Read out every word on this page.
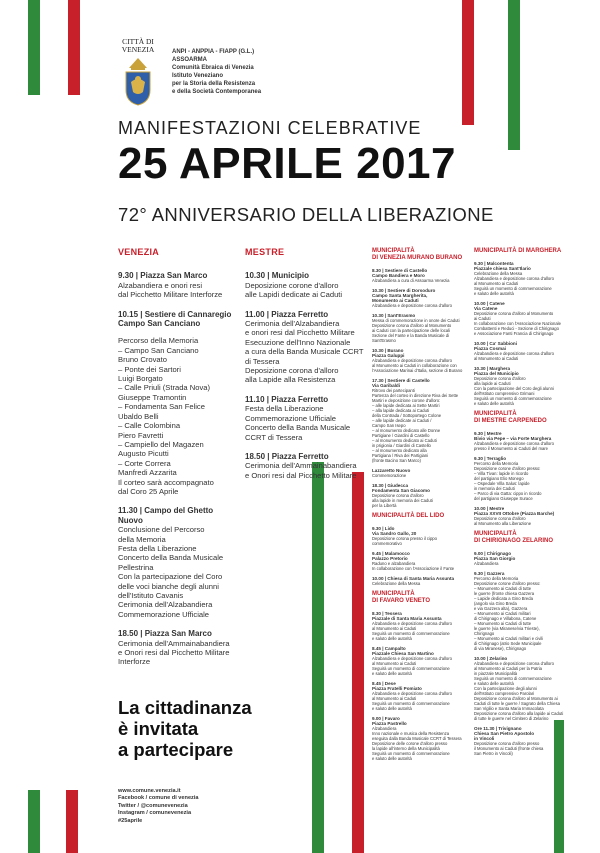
CITTÀ DI
VENEZIA	ANPI - ANPPIA - FIAPP (G.L.)
ASSOARMA
Comunità Ebraica di Venezia
Istituto Veneziano
per la Storia della Resistenza
e della Società Contemporanea
MANIFESTAZIONI CELEBRATIVE
25 APRILE 2017
72° ANNIVERSARIO DELLA LIBERAZIONE
VENEZIA
9.30 | Piazza San Marco
Alzabandiera e onori resi
dal Picchetto Militare Interforze
10.15 | Sestiere di Cannaregio
Campo San Canciano
Percorso della Memoria
– Campo San Canciano
Bruno Crovato
– Ponte dei Sartori
Luigi Borgato
– Calle Priuli (Strada Nova)
Giuseppe Tramontin
– Fondamenta San Felice
Ubaldo Belli
– Calle Colombina
Piero Favretti
– Campiello del Magazen
Augusto Picutti
– Corte Correra
Manfredi Azzarita
Il corteo sarà accompagnato
dal Coro 25 Aprile
11.30 | Campo del Ghetto Nuovo
Conclusione del Percorso
della Memoria
Festa della Liberazione
Concerto della Banda Musicale
Pellestrina
Con la partecipazione del Coro
delle voci bianche degli alunni
dell'Istituto Cavanis
Cerimonia dell'Alzabandiera
Commemorazione Ufficiale
18.50 | Piazza San Marco
Cerimonia dell'Ammainabandiera
e Onori resi dal Picchetto Militare
Interforze
MESTRE
10.30 | Municipio
Deposizione corone d'alloro
alle Lapidi dedicate ai Caduti
11.00 | Piazza Ferretto
Cerimonia dell'Alzabandiera
e onori resi dal Picchetto Militare
Esecuzione dell'Inno Nazionale
a cura della Banda Musicale CCRT
di Tessera
Deposizione corona d'alloro
alla Lapide alla Resistenza
11.10 | Piazza Ferretto
Festa della Liberazione
Commemorazione Ufficiale
Concerto della Banda Musicale
CCRT di Tessera
18.50 | Piazza Ferretto
Cerimonia dell'Ammainabandiera
e Onori resi dal Picchetto Militare
MUNICIPALITÀ
DI VENEZIA MURANO BURANO
8.30 | Sestiere di Castello
Campo Bandiera e Moro
Alzabandiera a cura di Assoarma Venezia
10.30 | Sestiere di Dorsoduro
Campo Santa Margherita,
Monumento ai Caduti
Alzabandiera e deposizione corona d'alloro
10.30 | Sant'Erasmo
Messa di commemorazione in onore dei Caduti
Deposizione corona d'alloro al Monumento
ai Caduti con la partecipazione delle locali
Sezione del Fante e la Banda Musicale di
Sant'Erasmo
10.30 | Burano
Piazza Galuppi
Alzabandiera e deposizione corona d'alloro
al Monumento ai Caduti in collaborazione con
l'Associazione Marinai d'Italia, sezione di Burano
17.30 | Sestiere di Castello
Via Garibaldi
Ritrovo dei partecipanti
Partenza del corteo in direzione Riva dei Sette
Martiri e deposizione corone d'alloro:
– alle lapide dedicata ai Sette Martiri
– alla lapide dedicata ai Caduti
della Contrada / Sottoportego Colone
– alle lapide dedicate ai Caduti /
Campo San Isepo
– al monumento dedicato alle Donne
Partigiane / Giardini di Castello
– al monumento dedicato ai Caduti
in prigionia / Giardini di Castello
– al monumento dedicato alla
Partigiana / Riva dei Partigiani
(fronte Bacino San Marco)
Lazzaretto Nuovo
Commemorazione
18.30 | Giudecca
Fondamenta San Giacomo
Deposizione corona d'alloro
alla lapide in memoria dei Caduti
per la Libertà
MUNICIPALITÀ DEL LIDO
9.30 | Lido
Via Sandro Gallo, 20
Deposizione corona presso il cippo
commemorativo
9.45 | Malamocco
Palazzo Pretorio
Raduno e alzabandiera
In collaborazione con l'Associazione il Fante
10.00 | Chiesa di Santa Maria Assunta
Celebrazione della Messa
MUNICIPALITÀ
DI FAVARO VENETO
8.30 | Tessera
Piazzale di Santa Maria Assunta
Alzabandiera e deposizione corona d'alloro
al Monumento ai Caduti
Seguirà un momento di commemorazione
e saluto delle autorità
8.45 | Campalto
Piazzale Chiesa San Martino
Alzabandiera e deposizione corona d'alloro
al Monumento ai Caduti
Seguirà un momento di commemorazione
e saluto delle autorità
8.45 | Dese
Piazza Fratelli Pomiato
Alzabandiera e deposizione corona d'alloro
al Monumento ai Caduti
Seguirà un momento di commemorazione
e saluto delle autorità
9.00 | Favaro
Piazza Pastrello
Alzabandiera
Inno nazionale e musica della Resistenza
eseguita dalla Banda Musicale CCRT di Tessera
Deposizione delle corone d'alloro presso
la lapide all'interno della Municipalità
Seguirà un momento di commemorazione
e saluto delle autorità
MUNICIPALITÀ DI MARGHERA
9.30 | Malcontenta
Piazzale chiesa Sant'Ilario
Celebrazione della Messa
Alzabandiera e deposizione corona d'alloro
al Monumento ai Caduti
Seguirà un momento di commemorazione
e saluto delle autorità
10.00 | Catene
Via Catene
Deposizione corona d'alloro al Monumento
ai Caduti
In collaborazione con l'Associazione Nazionale
Combattenti e Reduci - Sezione di Chirignago
e Associazione Fanti Francia di Chirignago
10.00 | Ca' Sabbioni
Piazza Cosmai
Alzabandiera e deposizione corona d'alloro
al Monumento ai Caduti
10.30 | Marghera
Piazza del Municipio
Deposizione corona d'alloro
alla lapide ai Caduti
Con la partecipazione del Coro degli alunni
dell'Istituto comprensivo Grimani
Seguirà un momento di commemorazione
e saluto delle autorità
MUNICIPALITÀ
DI MESTRE CARPENEDO
9.30 | Mestre
Bivio via Pepe – via Forte Marghera
Alzabandiera e deposizione corona d'alloro
presso il Monumento ai Caduti del mare
9.30 | Terraglio
Percorso della Memoria
Deposizione corone d'alloro presso:
– Villa Tivan: lapide in ricordo
del partigiano Elio Monego
– Ospedale Villa Salus: lapide
in memoria dei Caduti
– Parco di via Gatta: cippo in ricordo
del partigiano Giuseppe Surace
10.00 | Mestre
Piazza XXVII Ottobre (Piazza Barche)
Deposizione corona d'alloro
al Monumento alla Liberazione
MUNICIPALITÀ
DI CHIRIGNAGO ZELARINO
9.00 | Chirignago
Piazza San Giorgio
Alzabandiera
9.30 | Gazzera
Percorso della Memoria
Deposizione corone d'alloro presso:
– Monumento ai Caduti di tutte
le guerre (fronte chiesa Gazzera
– Lapide dedicata a Gino Breda
(angolo via Gino Breda
e via Gazzera alta), Gazzera
– Monumento ai Caduti militari
di Chirignago e Villabona, Catene
– Monumento ai Caduti di tutte
le guerre (via Miranese/via Trieste),
Chirignago
– Monumento ai Caduti militari e civili
di Chirignago (atrio Sede Municipale
di via Miranese), Chirignago
10.00 | Zelarino
Alzabandiera e deposizione corona d'alloro
al Monumento ai Caduti per la Patria
in piazzale Municipalità
Seguirà un momento di commemorazione
e saluto delle autorità
Con la partecipazione degli alunni
dell'Istituto comprensivo Parolari
Deposizione corona d'alloro al Monumento ai
Caduti di tutte le guerre / Sagrato della Chiesa
San Vigilio e Santa Maria Immacolata
Deposizione corona d'alloro alla lapide ai Caduti
di tutte le guerre nel Cimitero di Zelarino
Ore 11.30 | Trivignano
Chiesa San Pietro Apostolo
in Vincoli
Deposizione corona d'alloro presso
il Monumento ai Caduti (fronte chiesa
San Pietro in Vincoli)
La cittadinanza
è invitata
a partecipare
www.comune.venezia.it
Facebook / comune di venezia
Twitter / @comunevenezia
Instagram / comunevenezia
#25aprile
